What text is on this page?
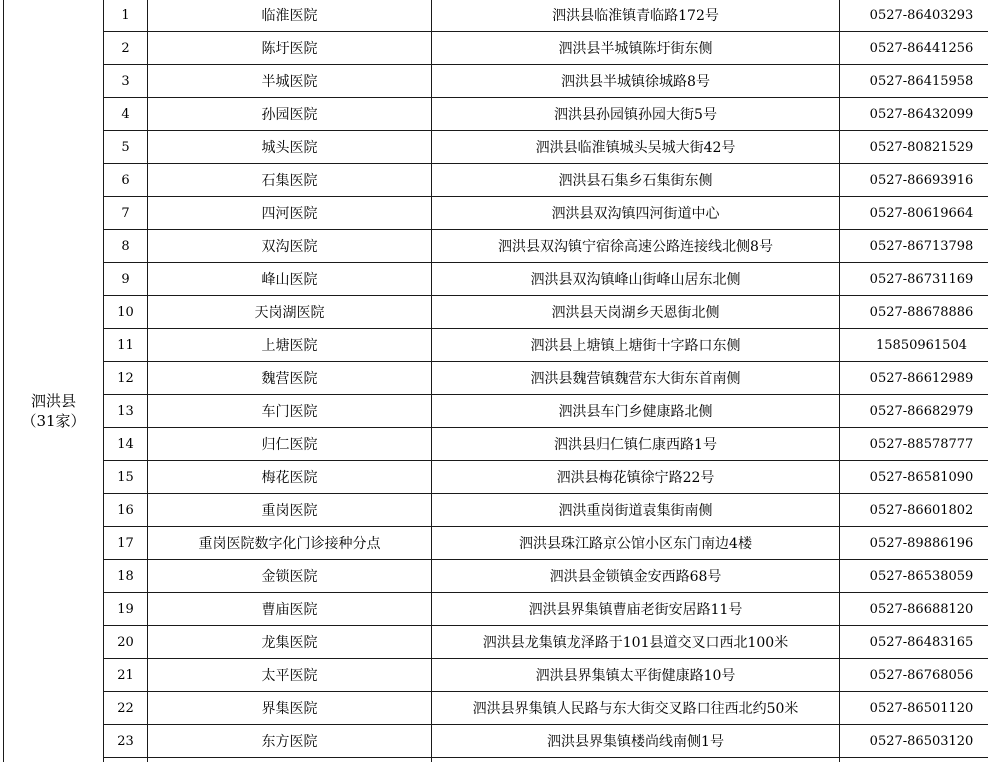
泗洪县
（31家）	1	临淮医院	泗洪县临淮镇青临路172号	0527-86403293
	2	陈圩医院	泗洪县半城镇陈圩街东侧	0527-86441256
	3	半城医院	泗洪县半城镇徐城路8号	0527-86415958
	4	孙园医院	泗洪县孙园镇孙园大街5号	0527-86432099
	5	城头医院	泗洪县临淮镇城头吴城大街42号	0527-80821529
	6	石集医院	泗洪县石集乡石集街东侧	0527-86693916
	7	四河医院	泗洪县双沟镇四河街道中心	0527-80619664
	8	双沟医院	泗洪县双沟镇宁宿徐高速公路连接线北侧8号	0527-86713798
	9	峰山医院	泗洪县双沟镇峰山街峰山居东北侧	0527-86731169
	10	天岗湖医院	泗洪县天岗湖乡天恩街北侧	0527-88678886
	11	上塘医院	泗洪县上塘镇上塘街十字路口东侧	15850961504
	12	魏营医院	泗洪县魏营镇魏营东大街东首南侧	0527-86612989
	13	车门医院	泗洪县车门乡健康路北侧	0527-86682979
	14	归仁医院	泗洪县归仁镇仁康西路1号	0527-88578777
	15	梅花医院	泗洪县梅花镇徐宁路22号	0527-86581090
	16	重岗医院	泗洪重岗街道袁集街南侧	0527-86601802
	17	重岗医院数字化门诊接种分点	泗洪县珠江路京公馆小区东门南边4楼	0527-89886196
	18	金锁医院	泗洪县金锁镇金安西路68号	0527-86538059
	19	曹庙医院	泗洪县界集镇曹庙老街安居路11号	0527-86688120
	20	龙集医院	泗洪县龙集镇龙泽路于101县道交叉口西北100米	0527-86483165
	21	太平医院	泗洪县界集镇太平街健康路10号	0527-86768056
	22	界集医院	泗洪县界集镇人民路与东大街交叉路口往西北约50米	0527-86501120
	23	东方医院	泗洪县界集镇楼尚线南侧1号	0527-86503120
